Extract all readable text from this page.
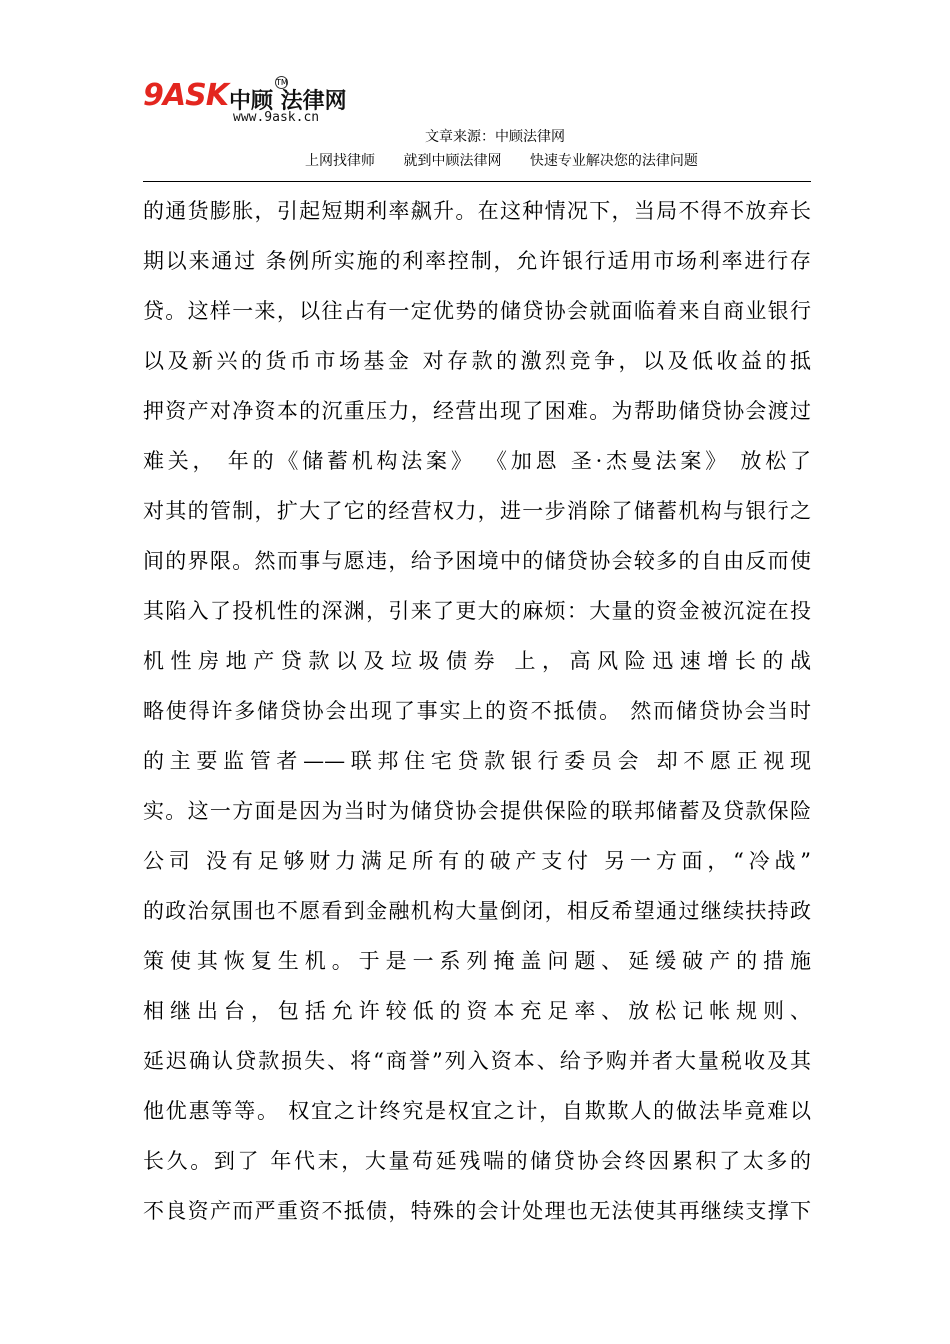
9ASK 中顾 法律网
TM
www.9ask.cn
文章来源：中顾法律网
上网找律师 就到中顾法律网 快速专业解决您的法律问题
的通货膨胀，引起短期利率飙升。在这种情况下，当局不得不放弃长
期以来通过 条例所实施的利率控制，允许银行适用市场利率进行存
贷。这样一来，以往占有一定优势的储贷协会就面临着来自商业银行
以及新兴的货币市场基金 对存款的激烈竞争，以及低收益的抵
押资产对净资本的沉重压力，经营出现了困难。为帮助储贷协会渡过
难关， 年的《储蓄机构法案》 《加恩 圣·杰曼法案》 放松了
对其的管制，扩大了它的经营权力，进一步消除了储蓄机构与银行之
间的界限。然而事与愿违，给予困境中的储贷协会较多的自由反而使
其陷入了投机性的深渊，引来了更大的麻烦：大量的资金被沉淀在投
机性房地产贷款以及垃圾债券 上，高风险迅速增长的战
略使得许多储贷协会出现了事实上的资不抵债。 然而储贷协会当时
的主要监管者——联邦住宅贷款银行委员会 却不愿正视现
实。这一方面是因为当时为储贷协会提供保险的联邦储蓄及贷款保险
公司 没有足够财力满足所有的破产支付 另一方面，“冷战”
的政治氛围也不愿看到金融机构大量倒闭，相反希望通过继续扶持政
策使其恢复生机。于是一系列掩盖问题、延缓破产的措施
相继出台，包括允许较低的资本充足率、放松记帐规则、
延迟确认贷款损失、将“商誉”列入资本、给予购并者大量税收及其
他优惠等等。 权宜之计终究是权宜之计，自欺欺人的做法毕竟难以
长久。到了 年代末，大量苟延残喘的储贷协会终因累积了太多的
不良资产而严重资不抵债，特殊的会计处理也无法使其再继续支撑下
